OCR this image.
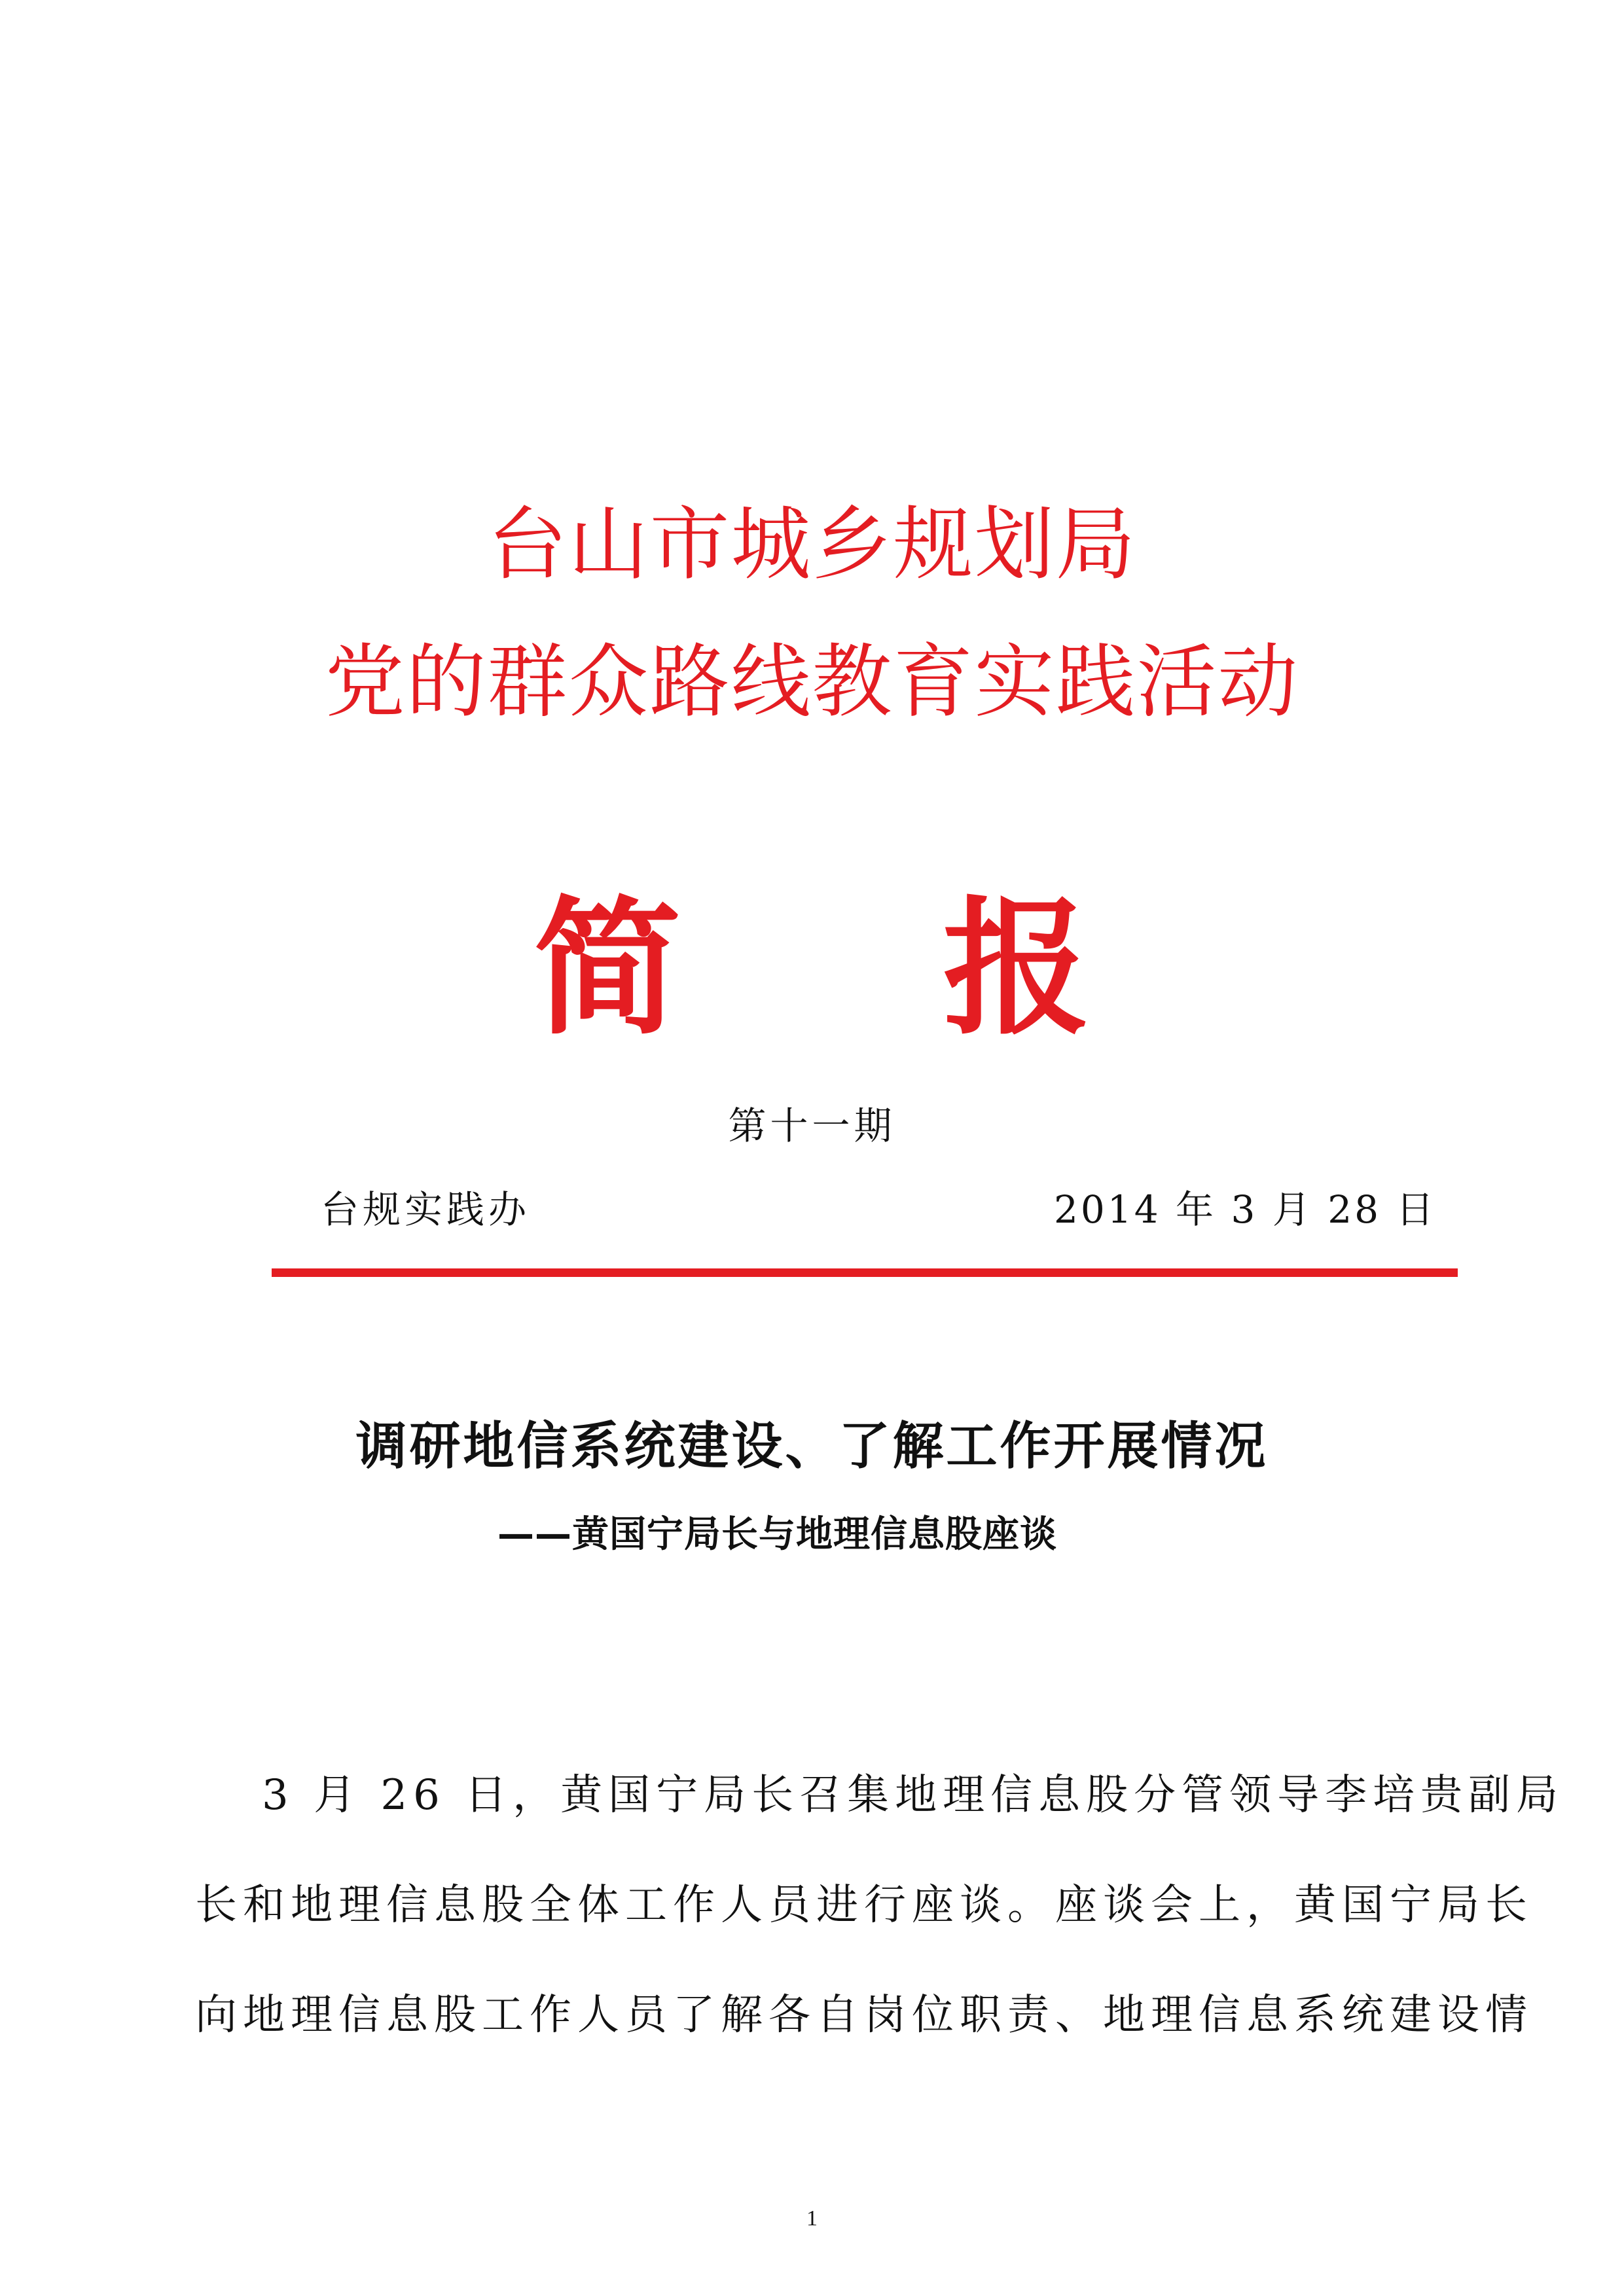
台山市城乡规划局
党的群众路线教育实践活动
简 报
第十一期
台规实践办	2014 年 3 月 28 日
调研地信系统建设、了解工作开展情况
——黄国宁局长与地理信息股座谈
3 月 26 日，黄国宁局长召集地理信息股分管领导李培贵副局
长和地理信息股全体工作人员进行座谈。座谈会上，黄国宁局长
向地理信息股工作人员了解各自岗位职责、地理信息系统建设情
1
